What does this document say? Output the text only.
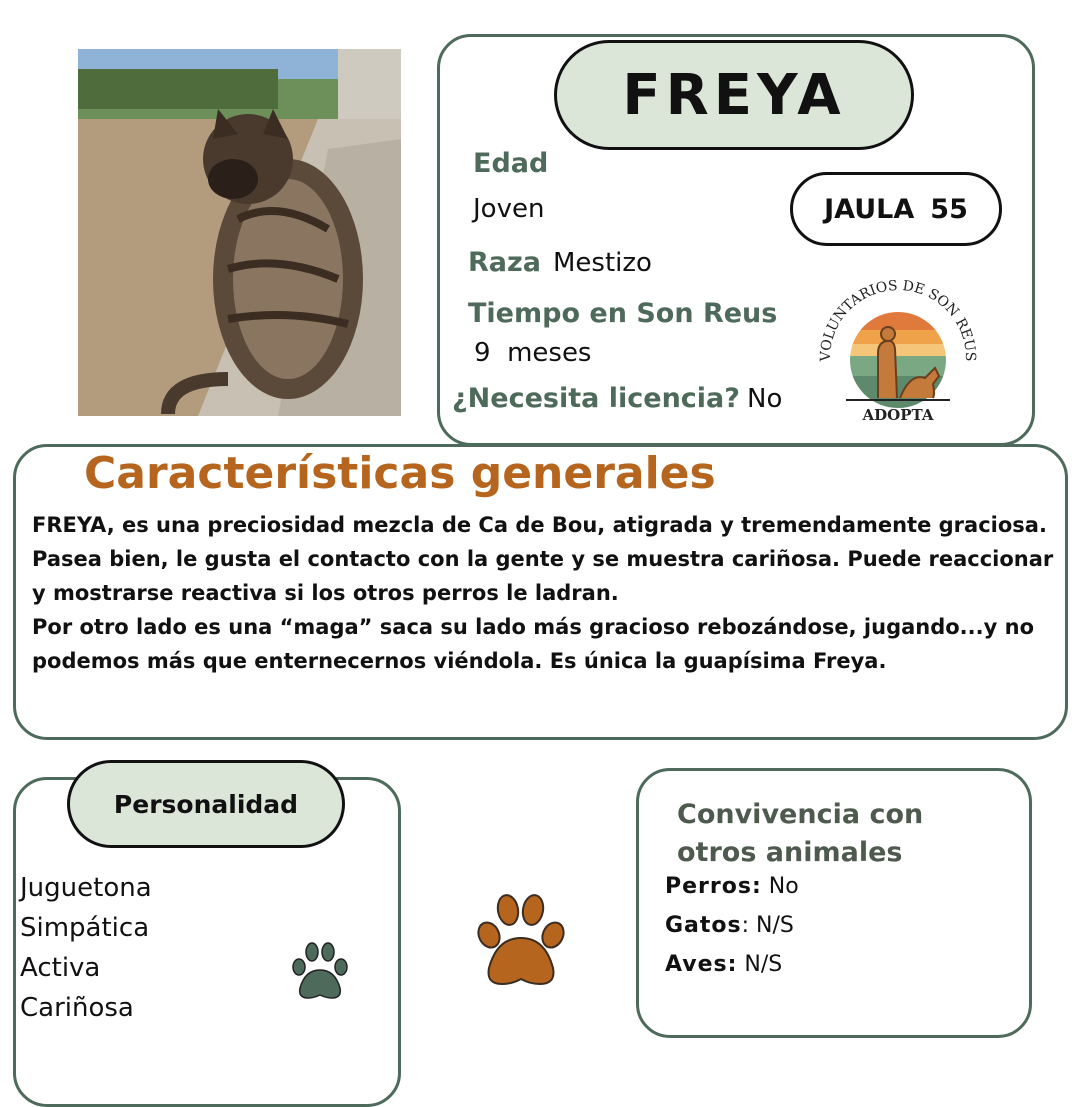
FREYA
Edad
Joven
Raza Mestizo
Tiempo en Son Reus
9  meses
¿Necesita licencia? No
JAULA 55
VOLUNTARIOS DE SON REUS
ADOPTA
Características generales

FREYA, es una preciosidad mezcla de Ca de Bou, atigrada y tremendamente graciosa. Pasea bien, le gusta el contacto con la gente y se muestra cariñosa. Puede reaccionar y mostrarse reactiva si los otros perros le ladran.

Por otro lado es una “maga” saca su lado más gracioso rebozándose, jugando...y no podemos más que enternecernos viéndola. Es única la guapísima Freya.

Personalidad
Juguetona
Simpática
Activa
Cariñosa
Convivencia con
otros animales
Perros: No
Gatos: N/S
Aves: N/S
